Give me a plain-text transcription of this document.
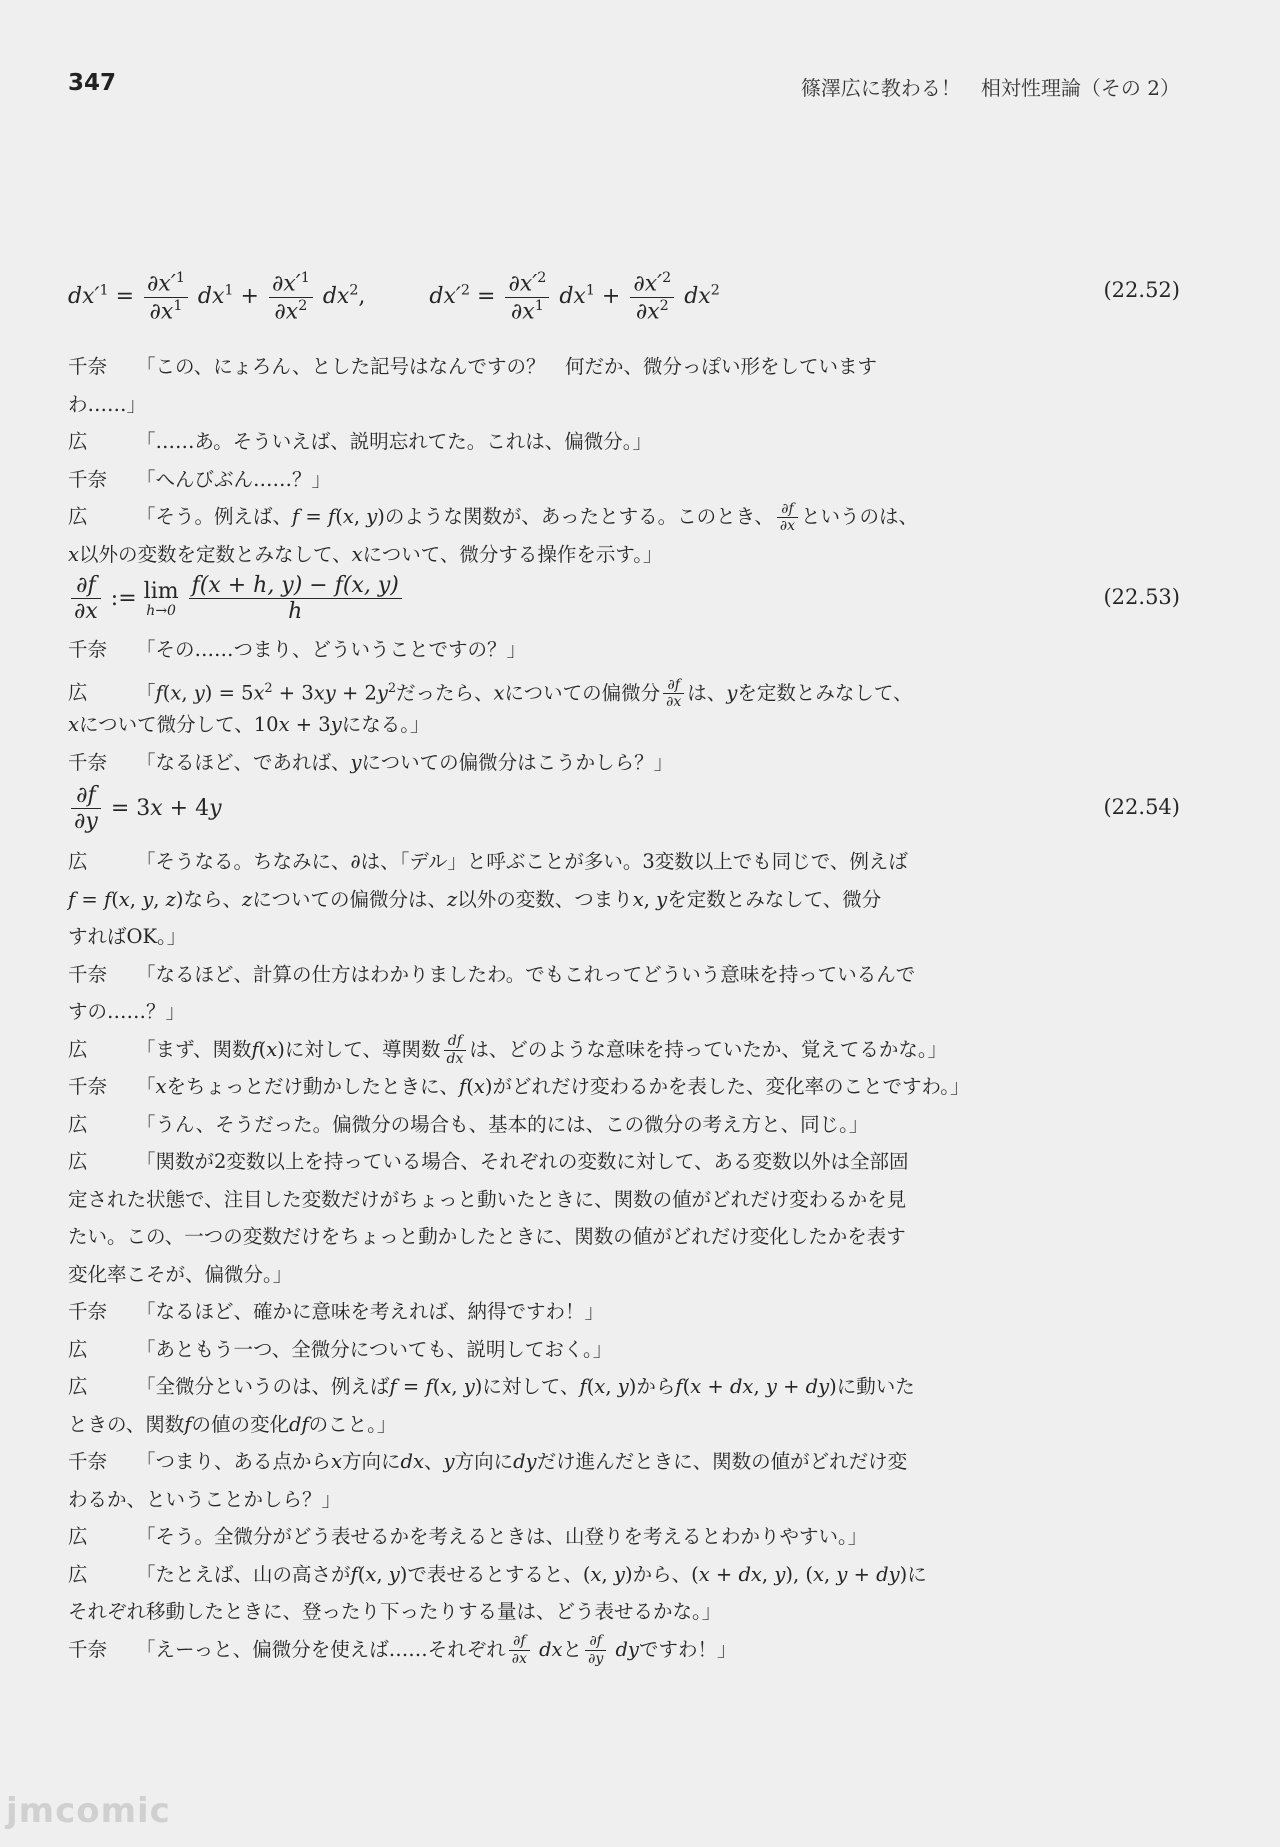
347	篠澤広に教わる！　相対性理論（その 2）
$dx'^1 = \frac{\partial x'^1}{\partial x^1} dx^1 + \frac{\partial x'^1}{\partial x^2} dx^2$,	$dx'^2 = \frac{\partial x'^2}{\partial x^1} dx^1 + \frac{\partial x'^2}{\partial x^2} dx^2$	(22.52)
千奈 「この、にょろん、とした記号はなんですの？　何だか、微分っぽい形をしています
わ……」
広 「……あ。そういえば、説明忘れてた。これは、偏微分。」
千奈 「へんびぶん……？」
広 「そう。例えば、f = f(x, y)のような関数が、あったとする。このとき、 $\frac{\partial f}{\partial x}$ というのは、
x以外の変数を定数とみなして、xについて、微分する操作を示す。」
$\frac{\partial f}{\partial x}$ := lim
h→0
$\frac{f(x + h, y) - f(x, y)}{h}$	(22.53)
千奈 「その……つまり、どういうことですの？」
広 「f(x, $y) = 5x^2 + 3xy + 2y^2$だったら、xについての偏微分 $\frac{\partial f}{\partial x}$ は、yを定数とみなして、
xについて微分して、10x + 3yになる。」
千奈 「なるほど、であれば、yについての偏微分はこうかしら？」
$\frac{\partial f}{\partial y} = 3x + 4y$	(22.54)
広 「そうなる。ちなみに、∂は、「デル」と呼ぶことが多い。3変数以上でも同じで、例えば
f = f(x, y, z)なら、zについての偏微分は、z以外の変数、つまりx, yを定数とみなして、微分
すればOK。」
千奈 「なるほど、計算の仕方はわかりましたわ。でもこれってどういう意味を持っているんで
すの……？」
広 「まず、関数f(x)に対して、導関数 $\frac{df}{dx}$ は、どのような意味を持っていたか、覚えてるかな。」
千奈 「xをちょっとだけ動かしたときに、f(x)がどれだけ変わるかを表した、変化率のことですわ。」
広 「うん、そうだった。偏微分の場合も、基本的には、この微分の考え方と、同じ。」
広 「関数が2変数以上を持っている場合、それぞれの変数に対して、ある変数以外は全部固
定された状態で、注目した変数だけがちょっと動いたときに、関数の値がどれだけ変わるかを見
たい。この、一つの変数だけをちょっと動かしたときに、関数の値がどれだけ変化したかを表す
変化率こそが、偏微分。」
千奈 「なるほど、確かに意味を考えれば、納得ですわ！」
広 「あともう一つ、全微分についても、説明しておく。」
広 「全微分というのは、例えばf = f(x, y)に対して、f(x, y)からf(x + dx, y + dy)に動いた
ときの、関数fの値の変化dfのこと。」
千奈 「つまり、ある点からx方向にdx、y方向にdyだけ進んだときに、関数の値がどれだけ変
わるか、ということかしら？」
広 「そう。全微分がどう表せるかを考えるときは、山登りを考えるとわかりやすい。」
広 「たとえば、山の高さがf(x, y)で表せるとすると、(x, y)から、(x + dx, y), (x, y + dy)に
それぞれ移動したときに、登ったり下ったりする量は、どう表せるかな。」
千奈 「えーっと、偏微分を使えば……それぞれ $\frac{\partial f}{\partial x}$ dxと $\frac{\partial f}{\partial y}$ dyですわ！」
jmcomic
